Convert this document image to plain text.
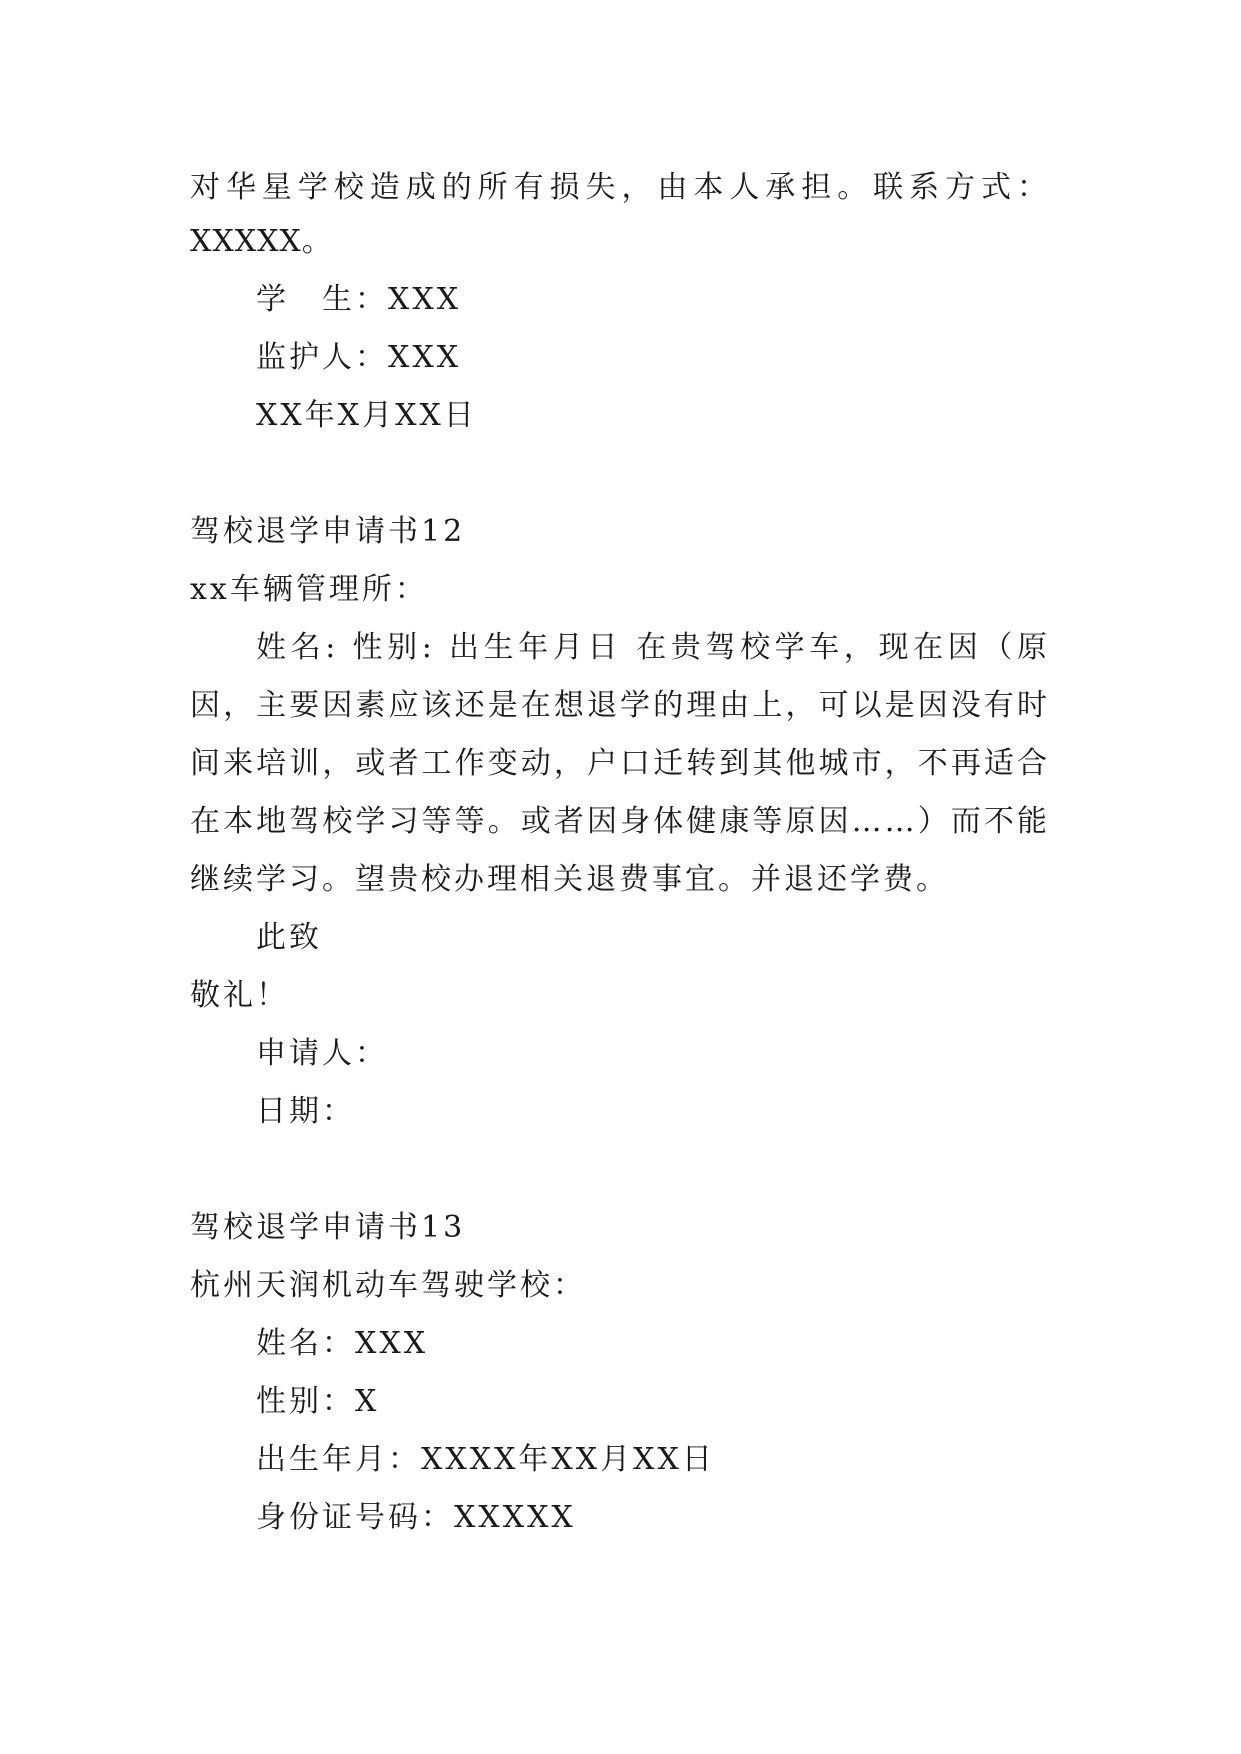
对华星学校造成的所有损失，由本人承担。联系方式：
XXXXX。
学　生：XXX
监护人：XXX
XX年X月XX日
驾校退学申请书12
xx车辆管理所：
姓名: 性别: 出生年月日 在贵驾校学车，现在因（原
因，主要因素应该还是在想退学的理由上，可以是因没有时
间来培训，或者工作变动，户口迁转到其他城市，不再适合
在本地驾校学习等等。或者因身体健康等原因……）而不能
继续学习。望贵校办理相关退费事宜。并退还学费。
此致
敬礼！
申请人：
日期：
驾校退学申请书13
杭州天润机动车驾驶学校：
姓名：XXX
性别：X
出生年月：XXXX年XX月XX日
身份证号码：XXXXX
